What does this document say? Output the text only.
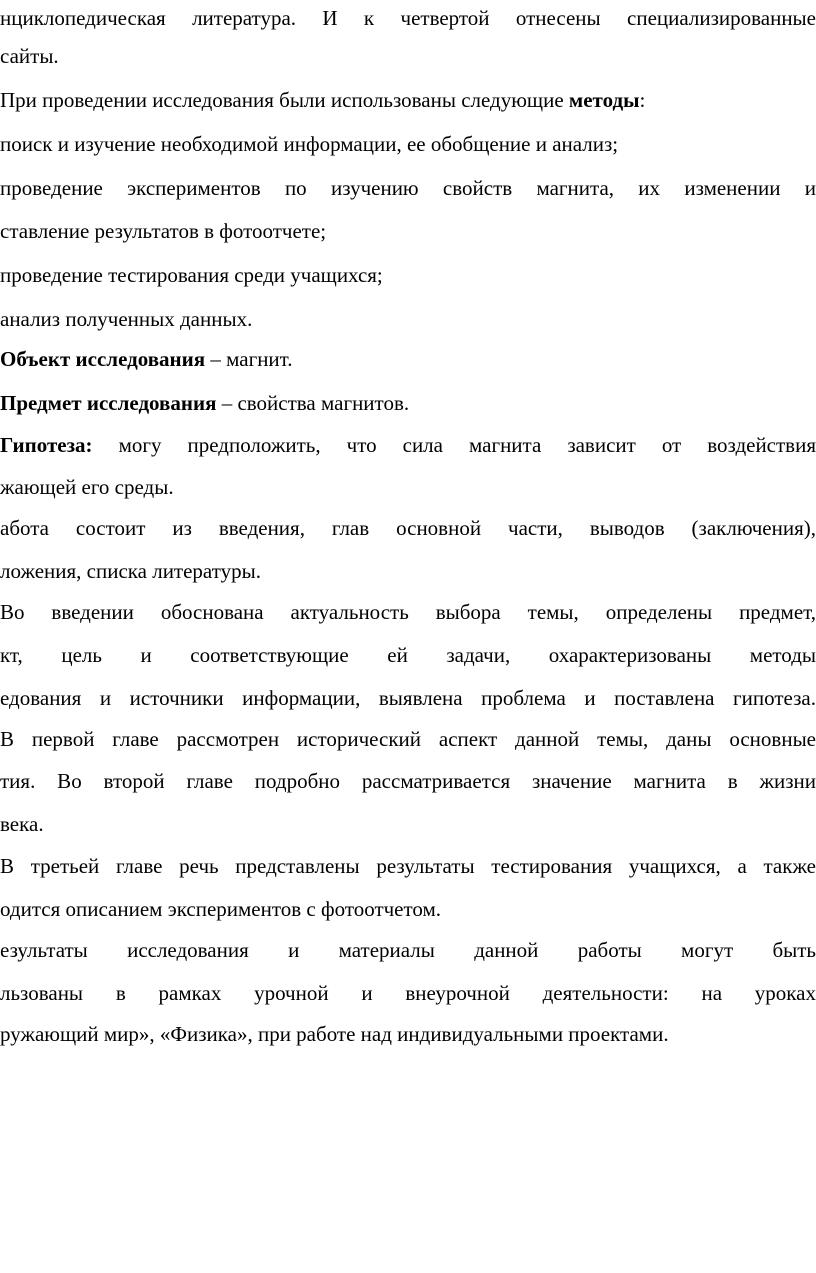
нциклопедическая литература. И к четвертой отнесены специализированные
сайты.
При проведении исследования были использованы следующие методы:
поиск и изучение необходимой информации, ее обобщение и анализ;
проведение экспериментов по изучению свойств магнита, их изменении и
ставление результатов в фотоотчете;
проведение тестирования среди учащихся;
анализ полученных данных.
Объект исследования – магнит.
Предмет исследования – свойства магнитов.
Гипотеза: могу предположить, что сила магнита зависит от воздействия
жающей его среды.
абота состоит из введения, глав основной части, выводов (заключения),
ложения, списка литературы.
Во введении обоснована актуальность выбора темы, определены предмет,
кт, цель и соответствующие ей задачи, охарактеризованы методы
едования и источники информации, выявлена проблема и поставлена гипотеза.
В первой главе рассмотрен исторический аспект данной темы, даны основные
тия. Во второй главе подробно рассматривается значение магнита в жизни
века.
В третьей главе речь представлены результаты тестирования учащихся, а также
одится описанием экспериментов с фотоотчетом.
езультаты исследования и материалы данной работы могут быть
льзованы в рамках урочной и внеурочной деятельности: на уроках
ружающий мир», «Физика», при работе над индивидуальными проектами.
